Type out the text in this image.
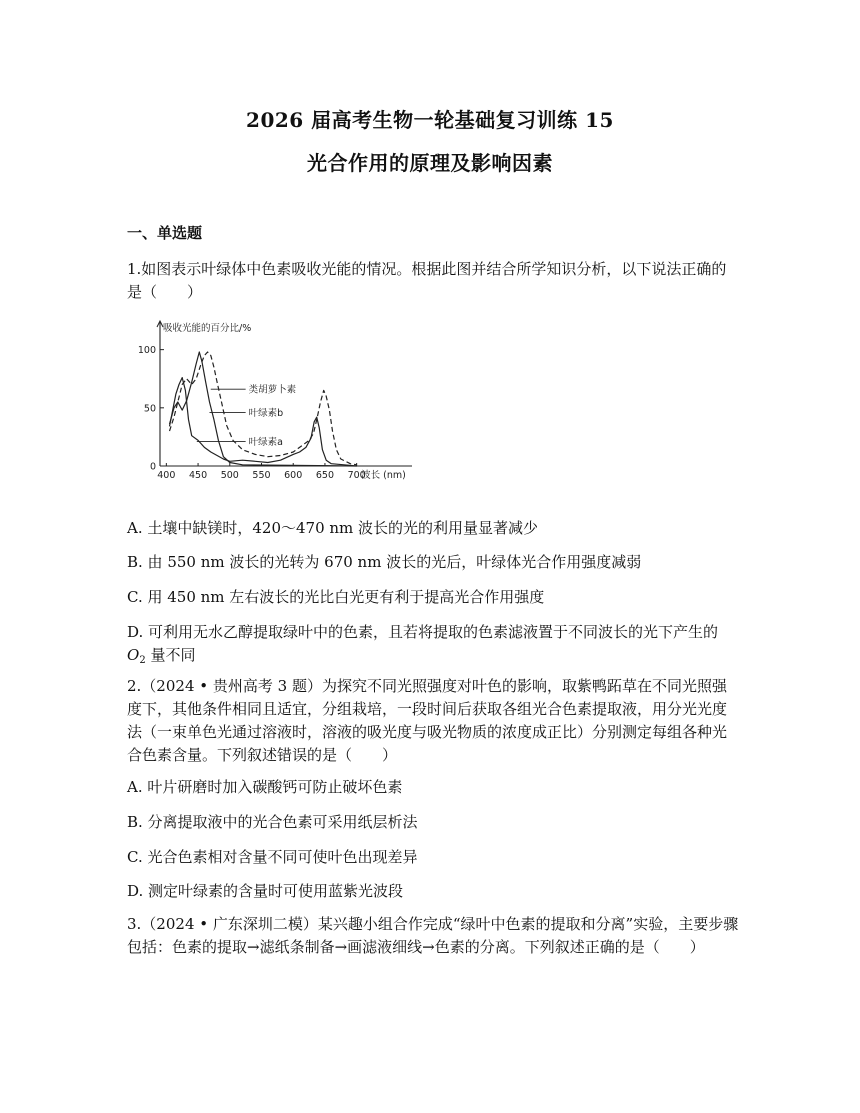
2026 届高考生物一轮基础复习训练 15
光合作用的原理及影响因素
一、单选题

1.如图表示叶绿体中色素吸收光能的情况。根据此图并结合所学知识分析，以下说法正确的是（　　）

0
50
100
400 450 500 550 600 650 700
吸收光能的百分比/%
波长 (nm)
类胡萝卜素
叶绿素b
叶绿素a

A. 土壤中缺镁时，420～470 nm 波长的光的利用量显著减少

B. 由 550 nm 波长的光转为 670 nm 波长的光后，叶绿体光合作用强度减弱

C. 用 450 nm 左右波长的光比白光更有利于提高光合作用强度

D. 可利用无水乙醇提取绿叶中的色素，且若将提取的色素滤液置于不同波长的光下产生的 $O_2$ 量不同

2.（2024 • 贵州高考 3 题）为探究不同光照强度对叶色的影响，取紫鸭跖草在不同光照强度下，其他条件相同且适宜，分组栽培，一段时间后获取各组光合色素提取液，用分光光度法（一束单色光通过溶液时，溶液的吸光度与吸光物质的浓度成正比）分别测定每组各种光合色素含量。下列叙述错误的是（　　）

A. 叶片研磨时加入碳酸钙可防止破坏色素

B. 分离提取液中的光合色素可采用纸层析法

C. 光合色素相对含量不同可使叶色出现差异

D. 测定叶绿素的含量时可使用蓝紫光波段

3.（2024 • 广东深圳二模）某兴趣小组合作完成“绿叶中色素的提取和分离”实验，主要步骤包括：色素的提取→滤纸条制备→画滤液细线→色素的分离。下列叙述正确的是（　　）
